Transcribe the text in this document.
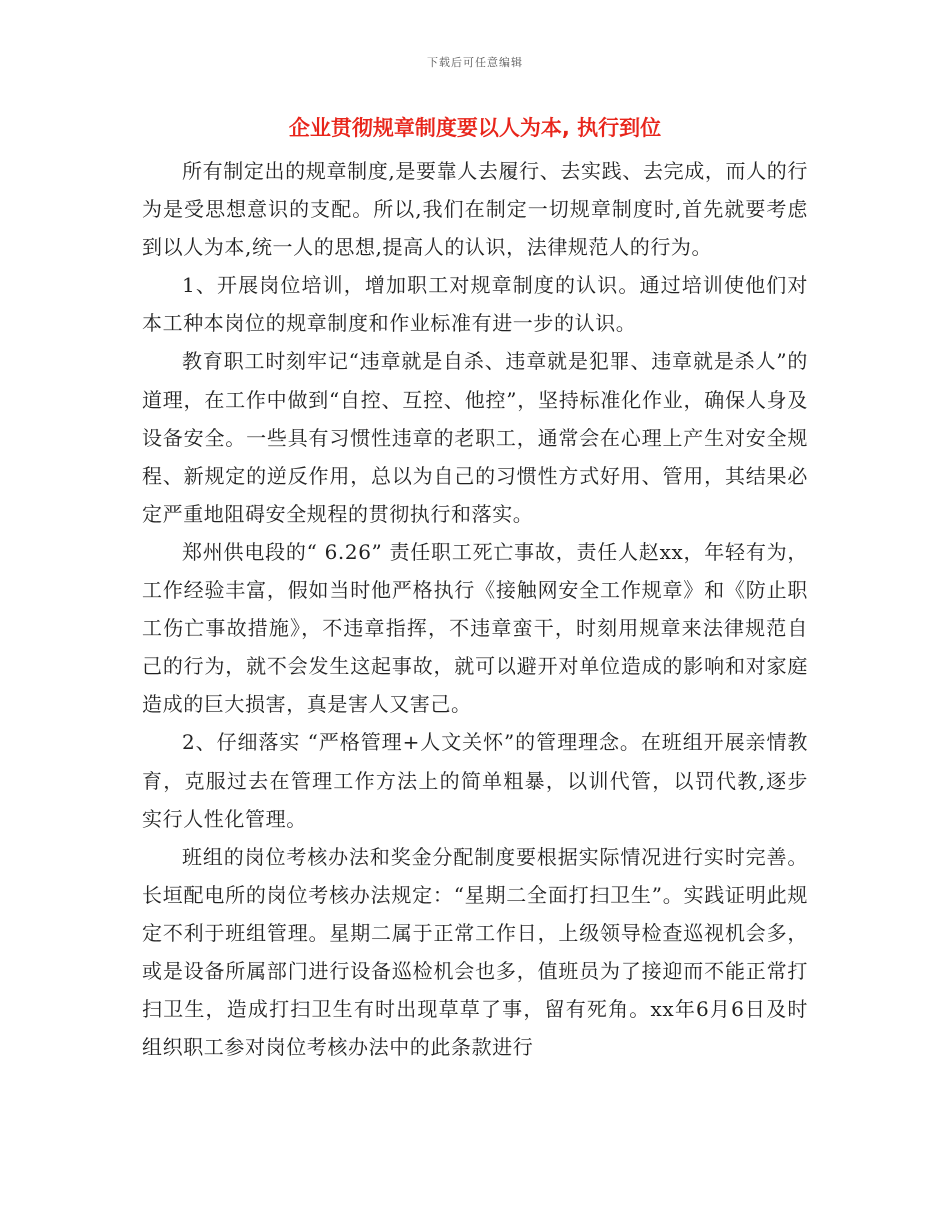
下载后可任意编辑
企业贯彻规章制度要以人为本, 执行到位

所有制定出的规章制度,是要靠人去履行、去实践、去完成，而人的行为是受思想意识的支配。所以,我们在制定一切规章制度时,首先就要考虑到以人为本,统一人的思想,提高人的认识，法律规范人的行为。

1、开展岗位培训，增加职工对规章制度的认识。通过培训使他们对本工种本岗位的规章制度和作业标准有进一步的认识。

教育职工时刻牢记“违章就是自杀、违章就是犯罪、违章就是杀人”的道理，在工作中做到“自控、互控、他控”，坚持标准化作业，确保人身及设备安全。一些具有习惯性违章的老职工，通常会在心理上产生对安全规程、新规定的逆反作用，总以为自己的习惯性方式好用、管用，其结果必定严重地阻碍安全规程的贯彻执行和落实。

郑州供电段的“ 6.26” 责任职工死亡事故，责任人赵xx，年轻有为，工作经验丰富，假如当时他严格执行《接触网安全工作规章》和《防止职工伤亡事故措施》，不违章指挥，不违章蛮干，时刻用规章来法律规范自己的行为，就不会发生这起事故，就可以避开对单位造成的影响和对家庭造成的巨大损害，真是害人又害己。

2、仔细落实 “严格管理+人文关怀”的管理理念。在班组开展亲情教育，克服过去在管理工作方法上的简单粗暴，以训代管，以罚代教,逐步实行人性化管理。

班组的岗位考核办法和奖金分配制度要根据实际情况进行实时完善。长垣配电所的岗位考核办法规定：“星期二全面打扫卫生”。实践证明此规定不利于班组管理。星期二属于正常工作日，上级领导检查巡视机会多，或是设备所属部门进行设备巡检机会也多，值班员为了接迎而不能正常打扫卫生，造成打扫卫生有时出现草草了事，留有死角。xx年6月6日及时组织职工参对岗位考核办法中的此条款进行
